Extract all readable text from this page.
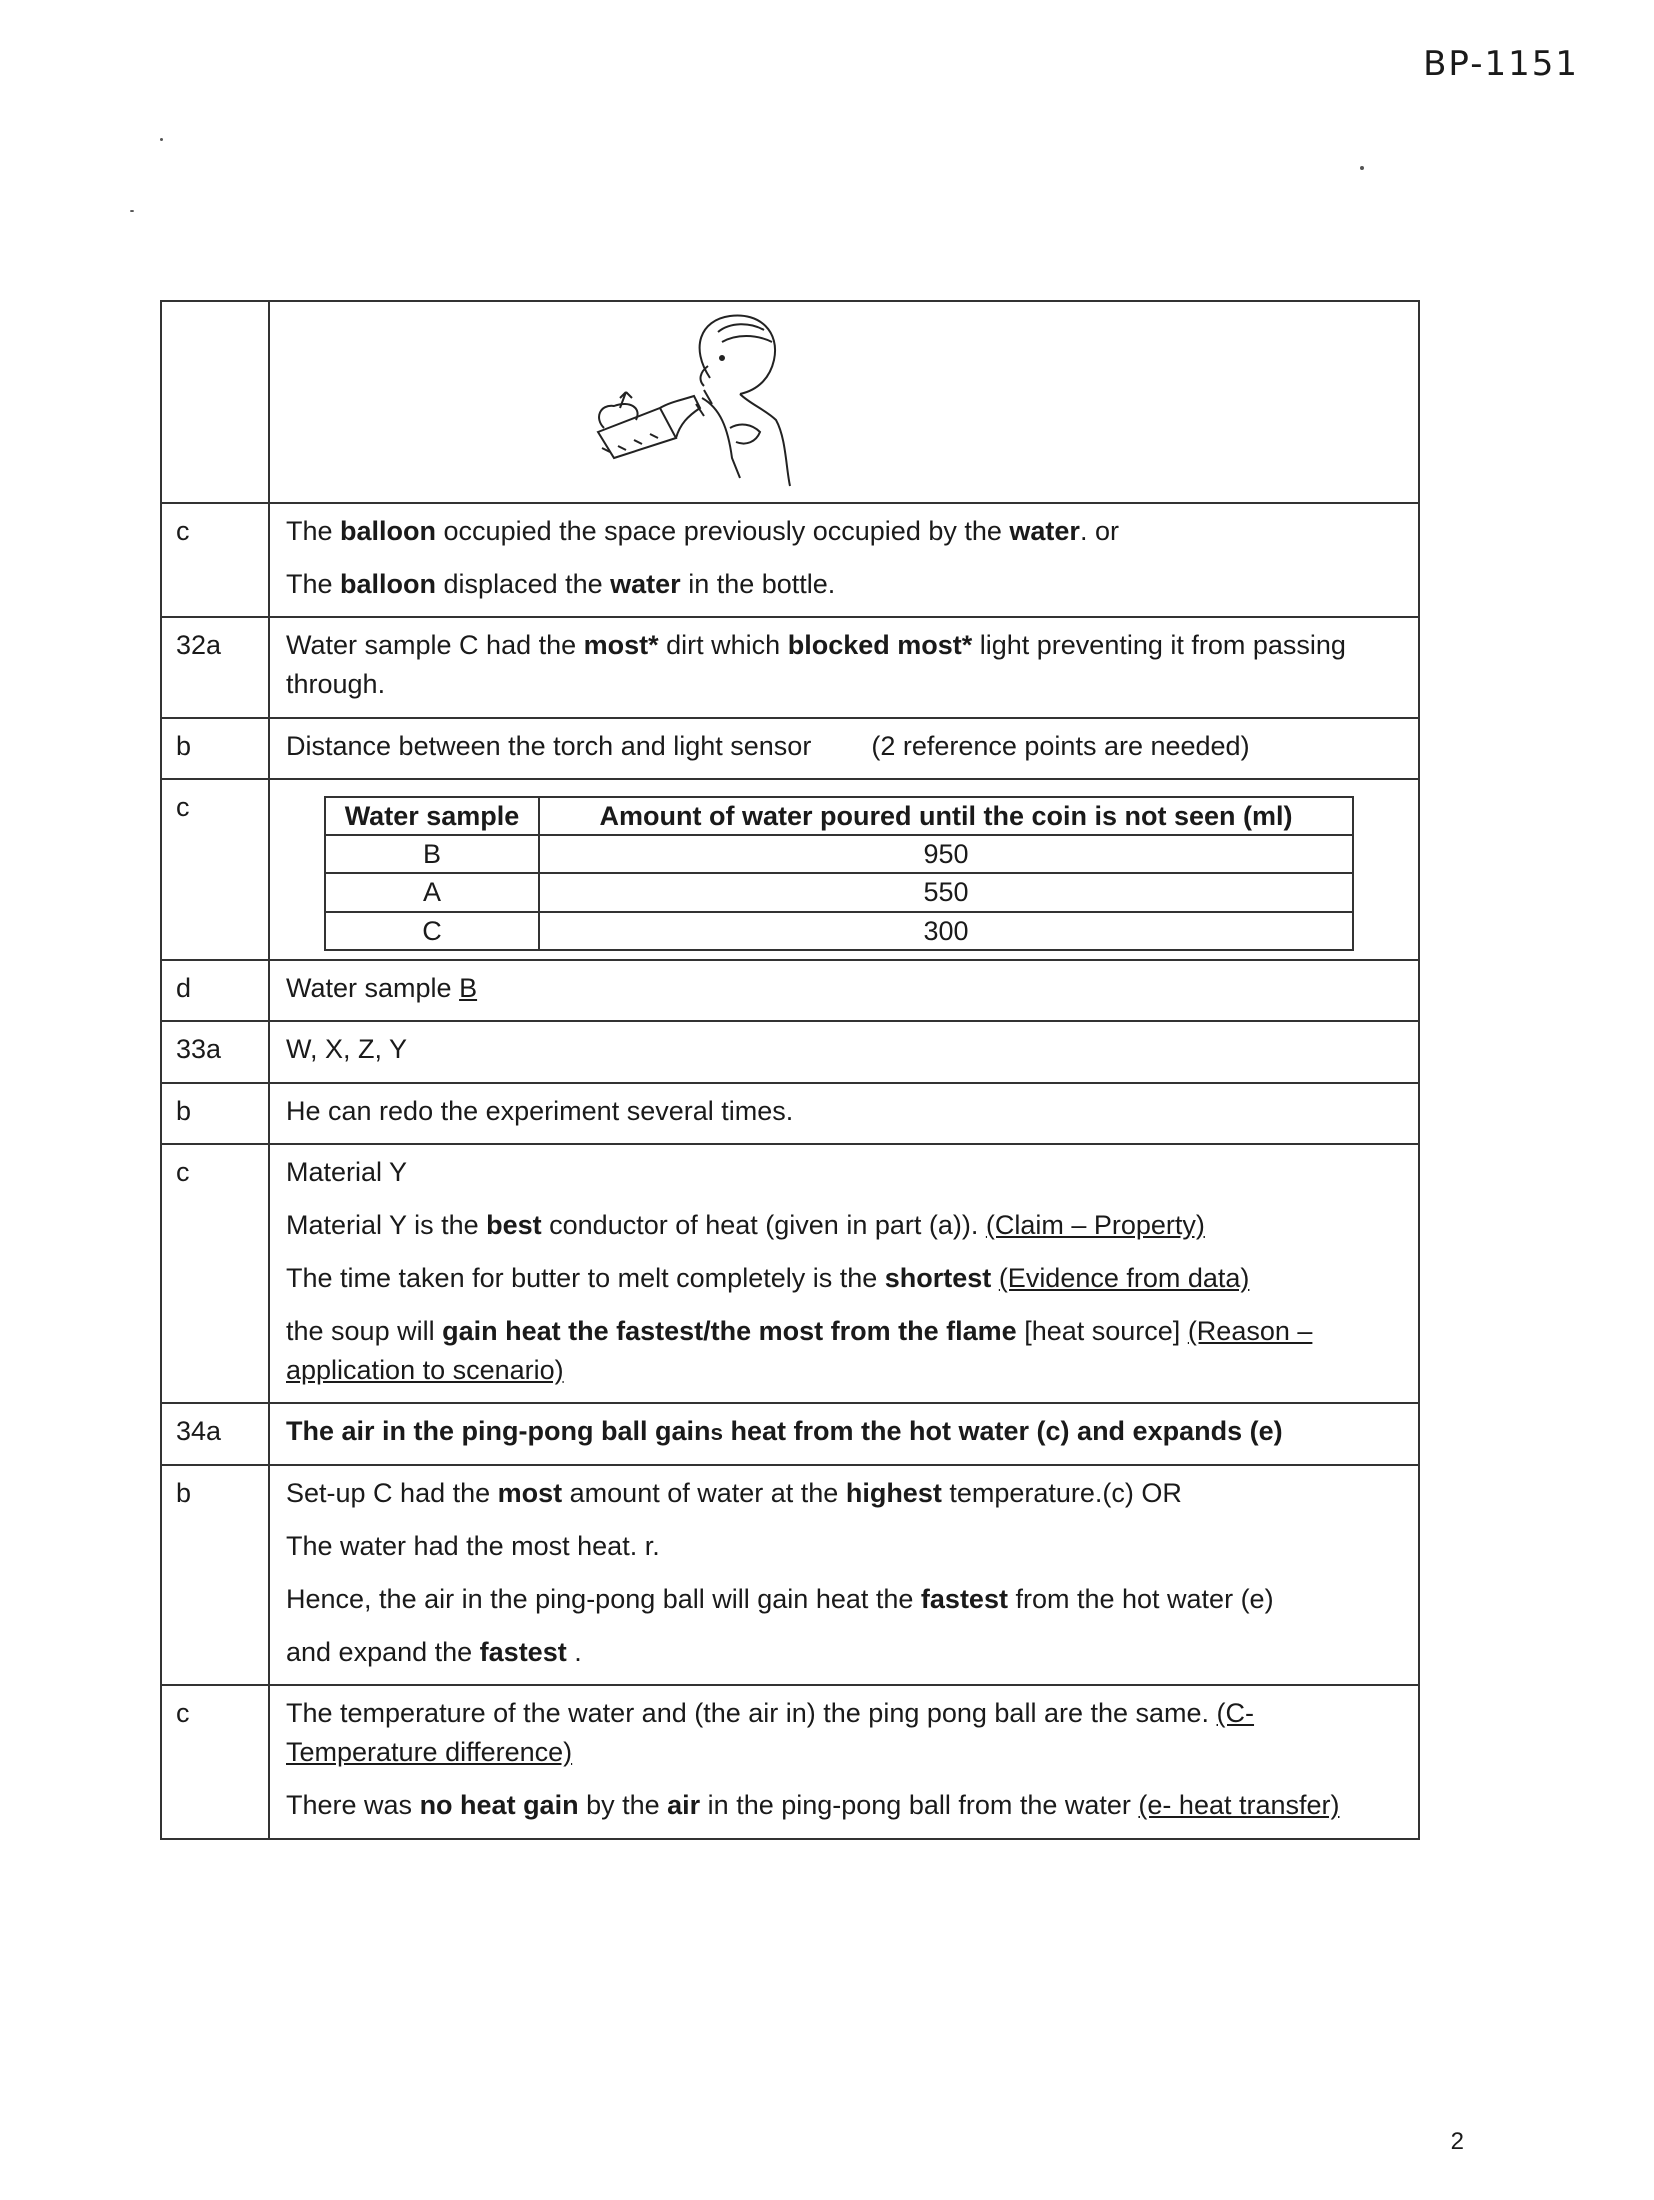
BP-1151

c	The balloon occupied the space previously occupied by the water. or

The balloon displaced the water in the bottle.

32a	Water sample C had the most* dirt which blocked most* light preventing it from passing through.

b	Distance between the torch and light sensor        (2 reference points are needed)

c		Water sample	Amount of water poured until the coin is not seen (ml)
B	950
A	550
C	300

d	Water sample B

33a	W, X, Z, Y

b	He can redo the experiment several times.

c	Material Y

Material Y is the best conductor of heat (given in part (a)). (Claim – Property)

The time taken for butter to melt completely is the shortest (Evidence from data)

the soup will gain heat the fastest/the most from the flame [heat source] (Reason – application to scenario)

34a	The air in the ping-pong ball gains heat from the hot water (c) and expands (e)

b	Set-up C had the most amount of water at the highest temperature.(c) OR

The water had the most heat. r.

Hence, the air in the ping-pong ball will gain heat the fastest from the hot water (e)

and expand the fastest .

c	The temperature of the water and (the air in) the ping pong ball are the same. (C-Temperature difference)

There was no heat gain by the air in the ping-pong ball from the water (e- heat transfer)

2
